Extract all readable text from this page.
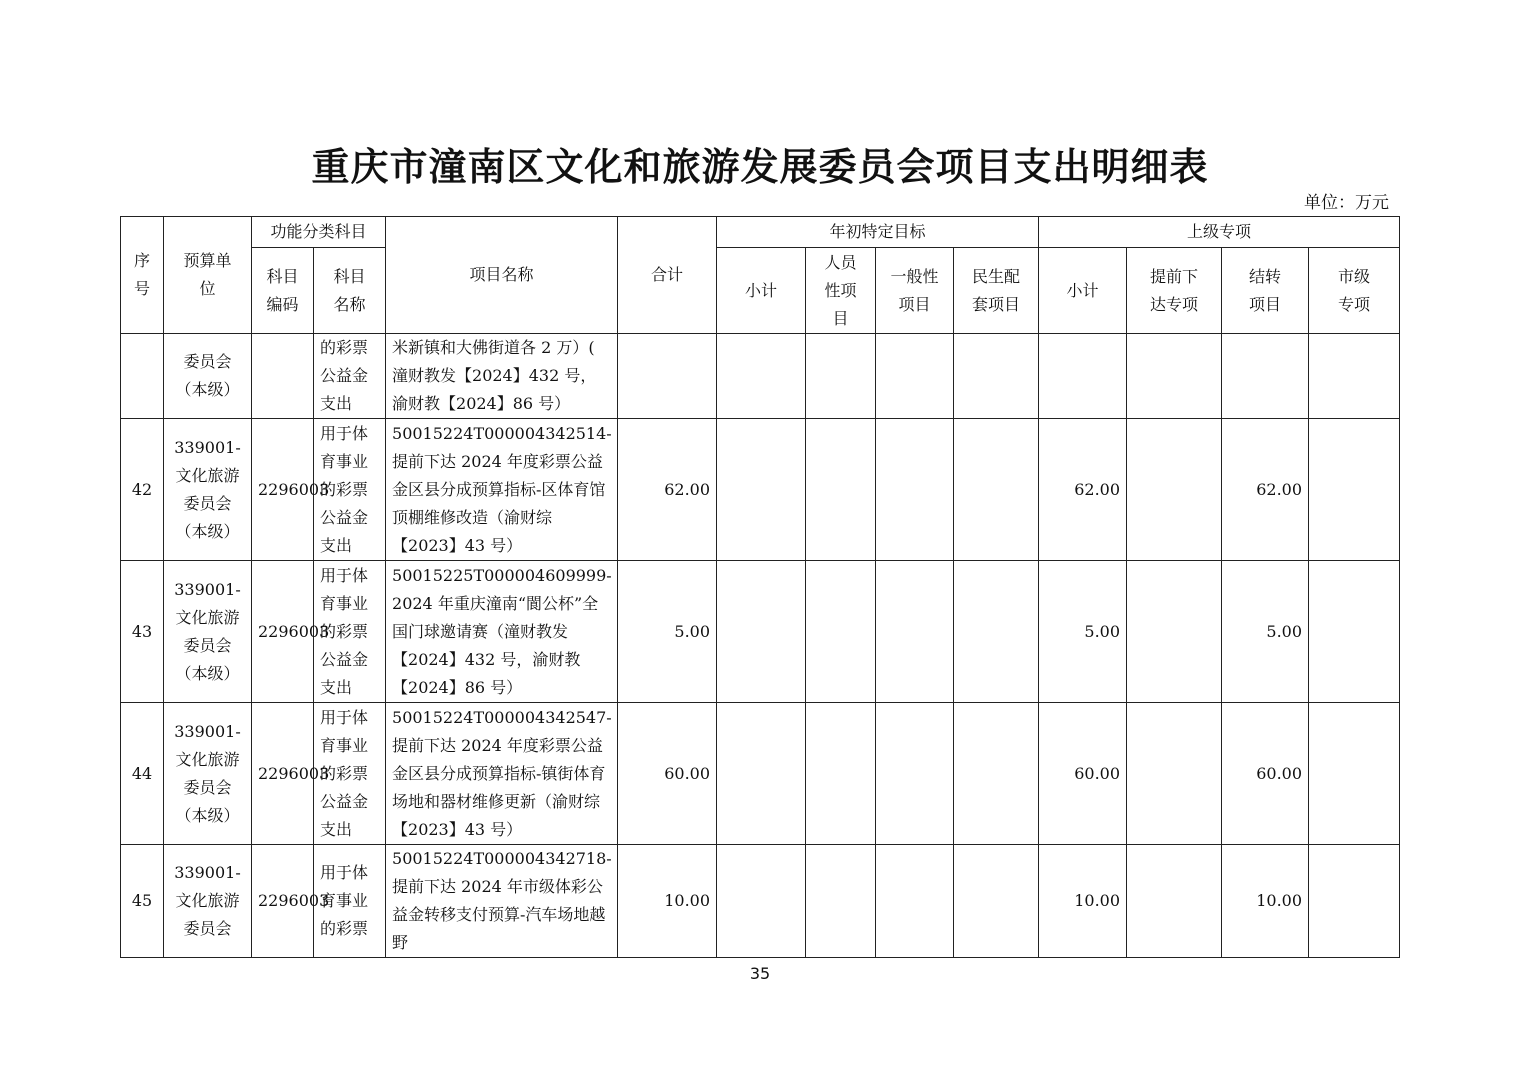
重庆市潼南区文化和旅游发展委员会项目支出明细表
单位：万元
序号	预算单位	功能分类科目		项目名称	合计	年初特定目标				上级专项			
		科目编码	科目名称			小计	人员性项目	一般性项目	民生配套项目	小计	提前下达专项	结转项目	市级专项
	委员会（本级）		的彩票公益金支出	米新镇和大佛街道各 2 万）( 潼财教发【2024】432 号，渝财教【2024】86 号）									
42	339001-文化旅游委员会（本级）	2296003	用于体育事业的彩票公益金支出	50015224T000004342514-提前下达 2024 年度彩票公益金区县分成预算指标-区体育馆顶棚维修改造（渝财综【2023】43 号）	62.00					62.00		62.00	
43	339001-文化旅游委员会（本级）	2296003	用于体育事业的彩票公益金支出	50015225T000004609999-2024 年重庆潼南“閬公杯”全国门球邀请赛（潼财教发【2024】432 号，渝财教【2024】86 号）	5.00					5.00		5.00	
44	339001-文化旅游委员会（本级）	2296003	用于体育事业的彩票公益金支出	50015224T000004342547-提前下达 2024 年度彩票公益金区县分成预算指标-镇街体育场地和器材维修更新（渝财综【2023】43 号）	60.00					60.00		60.00	
45	339001-文化旅游委员会	2296003	用于体育事业的彩票	50015224T000004342718-提前下达 2024 年市级体彩公益金转移支付预算-汽车场地越野	10.00					10.00		10.00	
35
